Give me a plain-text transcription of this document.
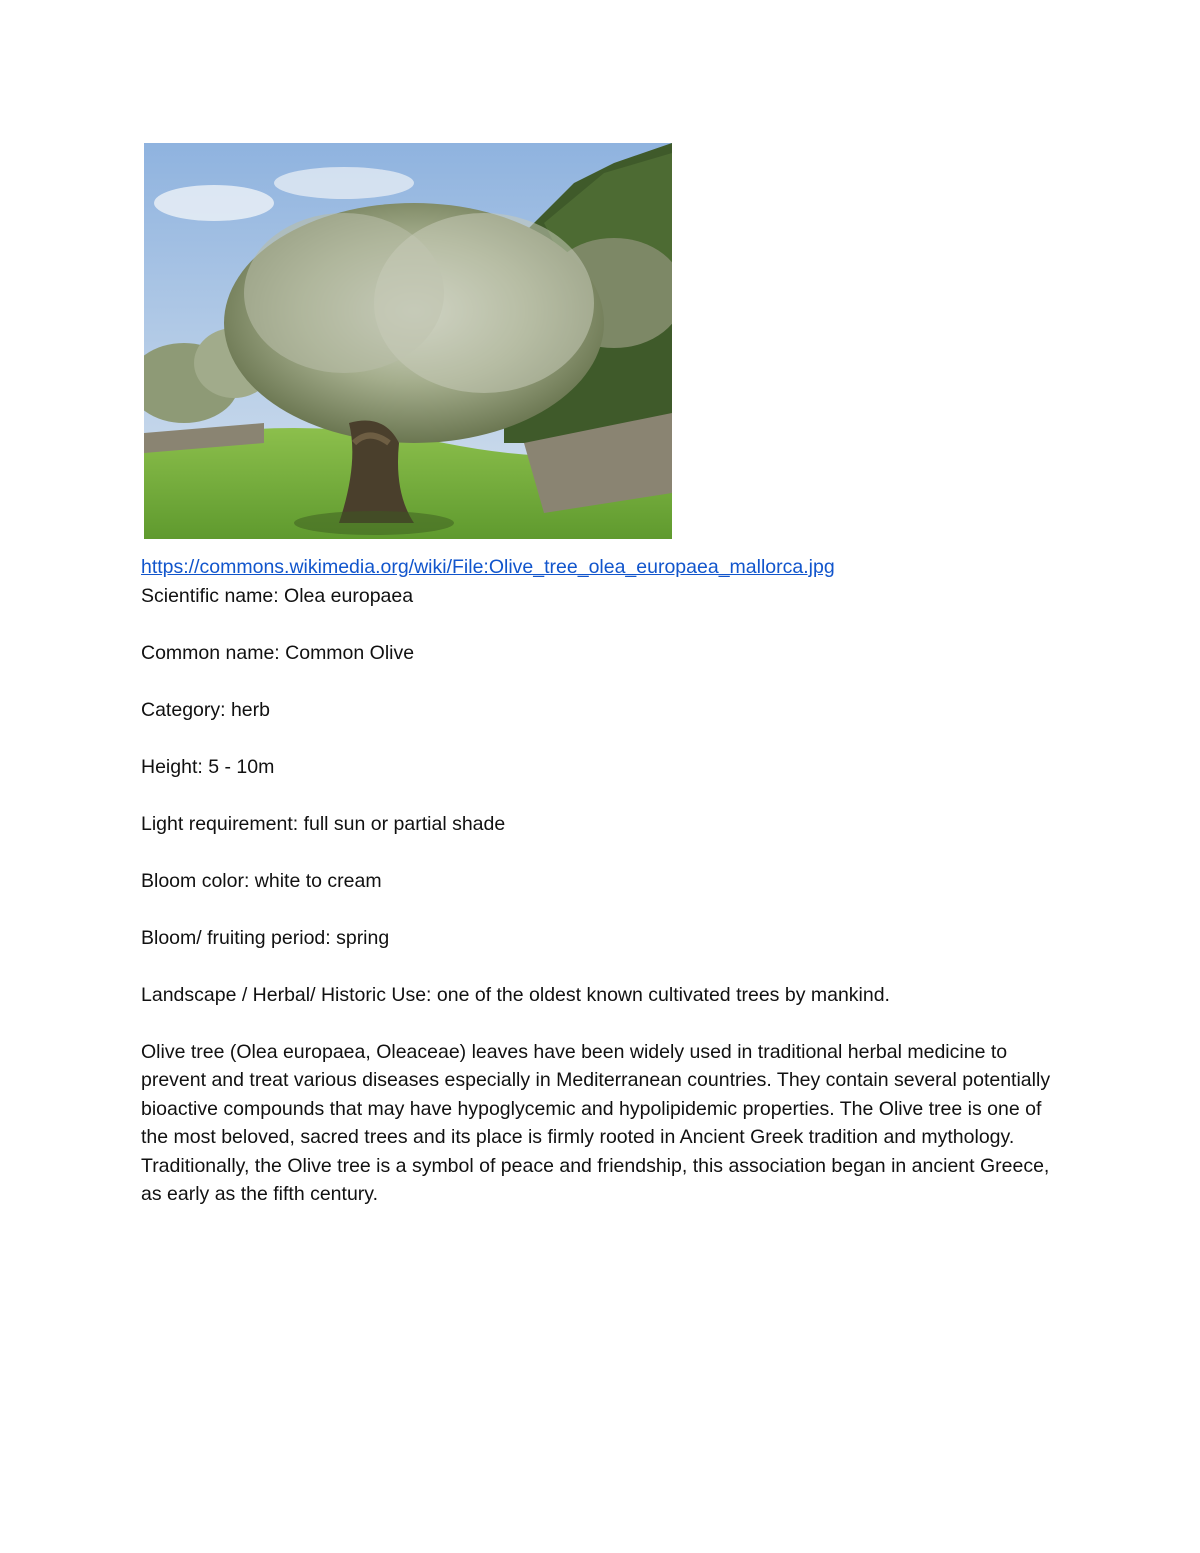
https://commons.wikimedia.org/wiki/File:Olive_tree_olea_europaea_mallorca.jpg

Scientific name: Olea europaea

Common name: Common Olive

Category: herb

Height: 5 - 10m

Light requirement: full sun or partial shade

Bloom color: white to cream

Bloom/ fruiting period: spring

Landscape / Herbal/ Historic Use: one of the oldest known cultivated trees by mankind.

Olive tree (Olea europaea, Oleaceae) leaves have been widely used in traditional herbal medicine to prevent and treat various diseases especially in Mediterranean countries. They contain several potentially bioactive compounds that may have hypoglycemic and hypolipidemic properties. The Olive tree is one of the most beloved, sacred trees and its place is firmly rooted in Ancient Greek tradition and mythology. Traditionally, the Olive tree is a symbol of peace and friendship, this association began in ancient Greece, as early as the fifth century.
